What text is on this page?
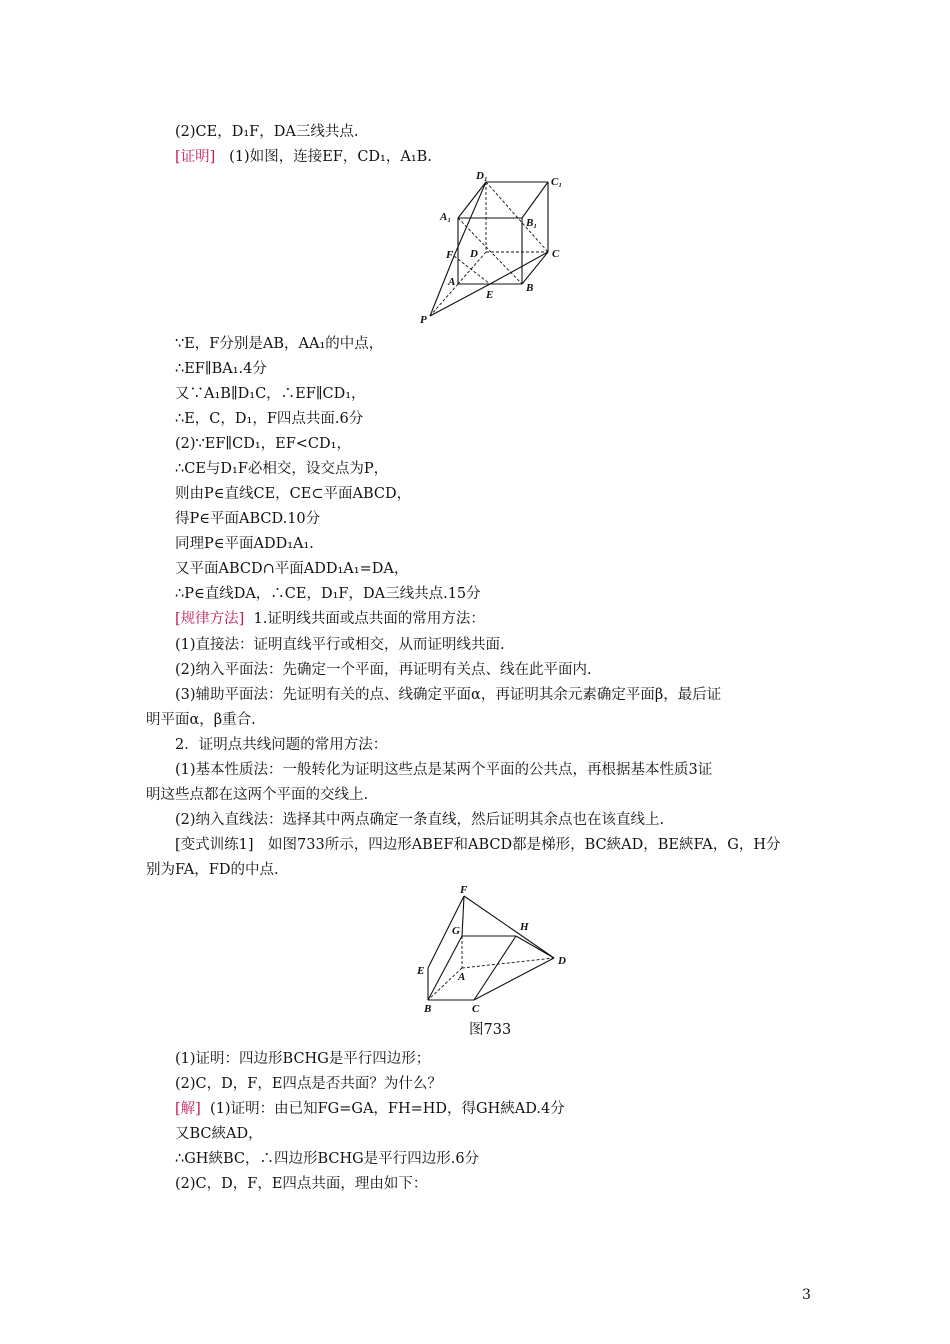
(2)CE，D₁F，DA三线共点.
[证明] (1)如图，连接EF，CD₁，A₁B.
D₁	C₁
A₁	B₁
D	C
F
A
E
B
P
∵E，F分别是AB，AA₁的中点，
∴EF∥BA₁.4分
又∵A₁B∥D₁C，∴EF∥CD₁，
∴E，C，D₁，F四点共面.6分
(2)∵EF∥CD₁，EF<CD₁，
∴CE与D₁F必相交，设交点为P，
则由P∈直线CE，CE⊂平面ABCD，
得P∈平面ABCD.10分
同理P∈平面ADD₁A₁.
又平面ABCD∩平面ADD₁A₁=DA，
∴P∈直线DA，∴CE，D₁F，DA三线共点.15分
[规律方法] 1.证明线共面或点共面的常用方法：
(1)直接法：证明直线平行或相交，从而证明线共面.
(2)纳入平面法：先确定一个平面，再证明有关点、线在此平面内.
(3)辅助平面法：先证明有关的点、线确定平面α，再证明其余元素确定平面β，最后证
明平面α，β重合.
2．证明点共线问题的常用方法：
(1)基本性质法：一般转化为证明这些点是某两个平面的公共点，再根据基本性质3证
明这些点都在这两个平面的交线上.
(2)纳入直线法：选择其中两点确定一条直线，然后证明其余点也在该直线上.
[变式训练1]　如图733所示，四边形ABEF和ABCD都是梯形，BC綊AD，BE綊FA，G，H分
别为FA，FD的中点.
F
H
G
D
E	A
B	C
图733
(1)证明：四边形BCHG是平行四边形；
(2)C，D，F，E四点是否共面？为什么？
[解] (1)证明：由已知FG=GA，FH=HD，得GH綊AD.4分
又BC綊AD，
∴GH綊BC，∴四边形BCHG是平行四边形.6分
(2)C，D，F，E四点共面，理由如下：
3
